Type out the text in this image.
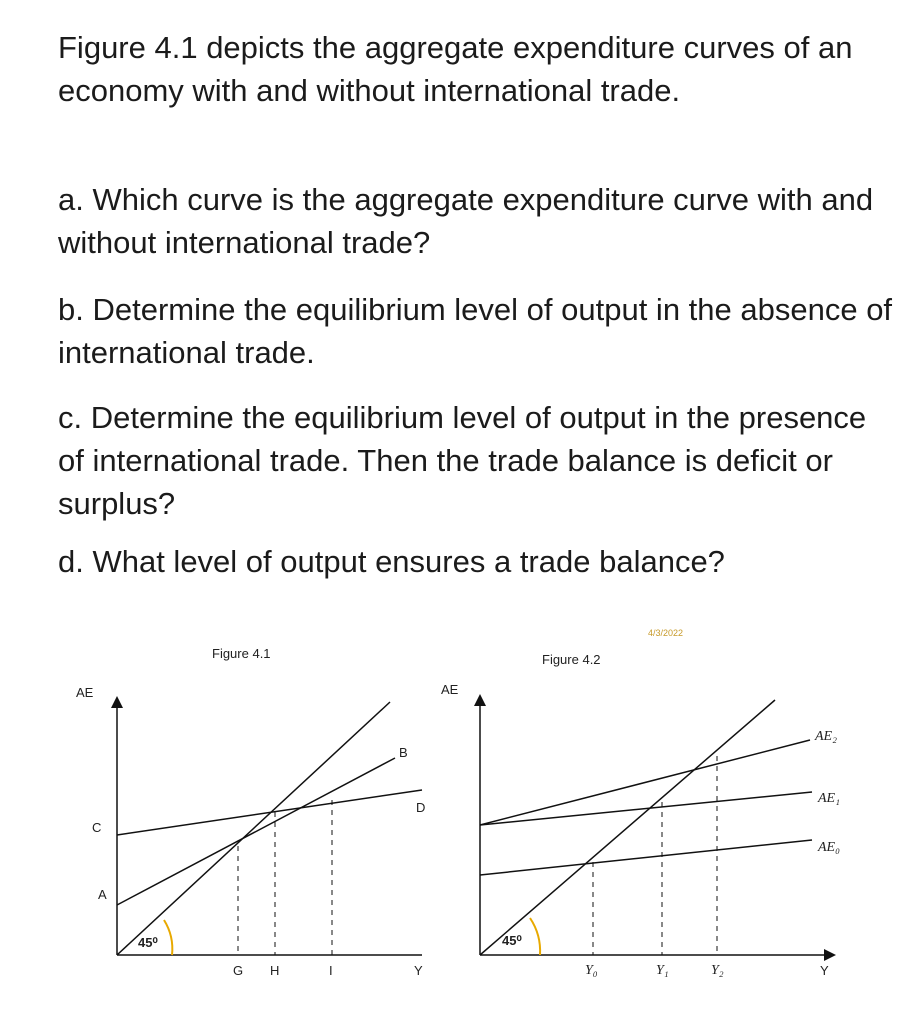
Figure 4.1 depicts the aggregate expenditure curves of an economy with and without international trade.

a. Which curve is the aggregate expenditure curve with and without international trade?

b. Determine the equilibrium level of output in the absence of international trade.

c. Determine the equilibrium level of output in the presence of international trade. Then the trade balance is deficit or surplus?

d. What level of output ensures a trade balance?

Figure 4.1
AE
Y
A
C
B
D
G H	I
45⁰
4/3/2022
Figure 4.2
AE
Y
AE₂
AE₁
AE₀
Y₀	Y₁	Y₂
45⁰
